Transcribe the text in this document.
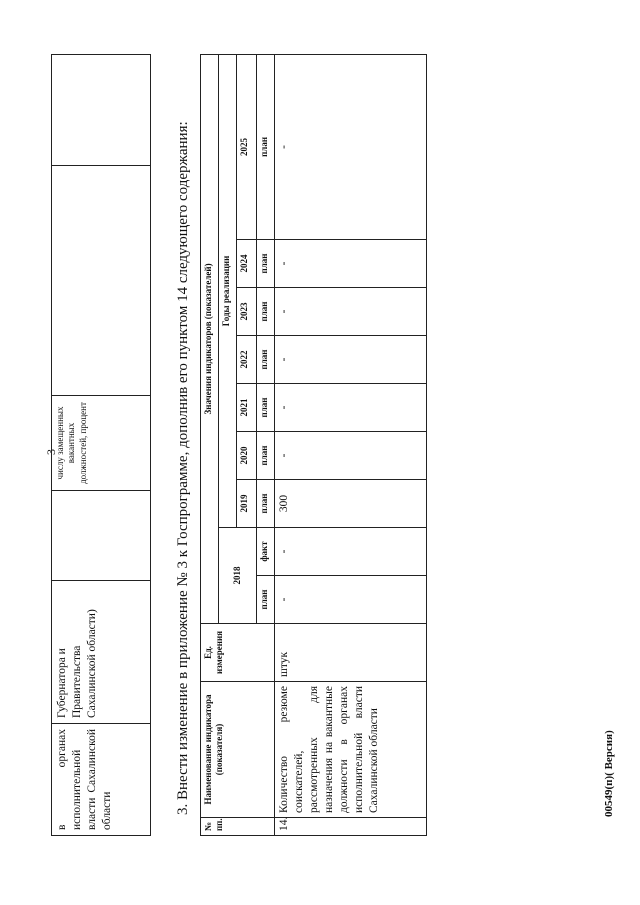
3
в органах исполнительной власти Сахалинской области	Губернатора и Правительства Сахалинской области)		числу замещенных вакантных должностей, процент			3. Внести изменение в приложение № 3 к Госпрограмме, дополнив его пунктом 14 следующего содержания:
№ пп.	Наименование индикатора (показателя)	Ед. измерения	Значения индикаторов (показателей)								
			2018		Годы реализации						
					2019	2020	2021	2022	2023	2024	2025
			план	факт	план	план	план	план	план	план	план
14.	Количество резюме соискателей, рассмотренных для назначения на вакантные должности в органах исполнительной власти Сахалинской области	штук	-	-	300	-	-	-	-	-	-
00549(п)( Версия)
